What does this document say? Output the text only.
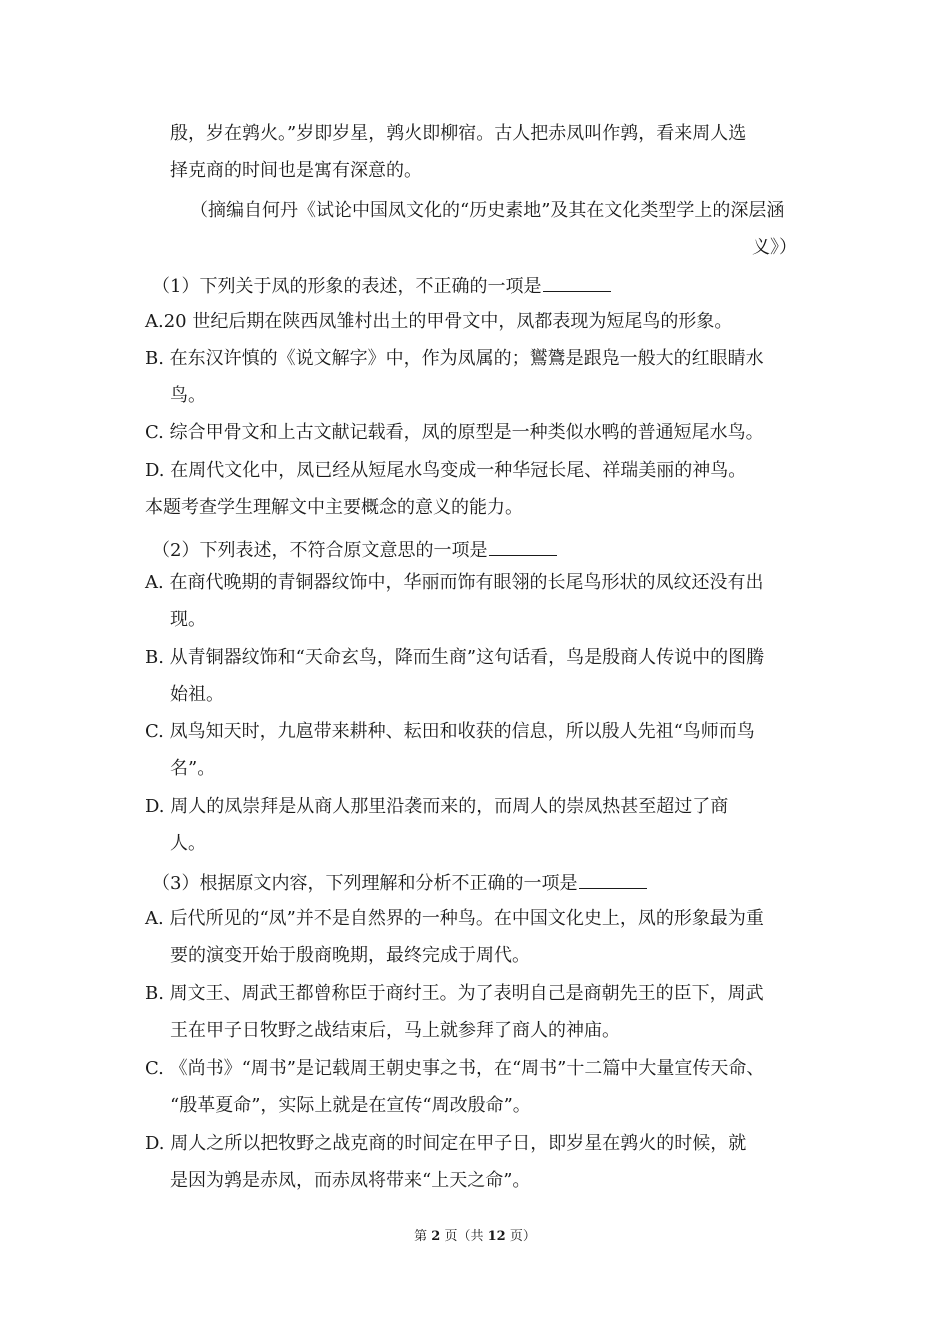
殷，岁在鹑火。”岁即岁星，鹑火即柳宿。古人把赤凤叫作鹑，看来周人选
择克商的时间也是寓有深意的。
（摘编自何丹《试论中国凤文化的“历史素地”及其在文化类型学上的深层涵
义》）
（1）下列关于凤的形象的表述，不正确的一项是
A.20 世纪后期在陕西凤雏村出土的甲骨文中，凤都表现为短尾鸟的形象。
B. 在东汉许慎的《说文解字》中，作为凤属的；鸑鷟是跟凫一般大的红眼睛水
鸟。
C. 综合甲骨文和上古文献记载看，凤的原型是一种类似水鸭的普通短尾水鸟。
D. 在周代文化中，凤已经从短尾水鸟变成一种华冠长尾、祥瑞美丽的神鸟。
本题考查学生理解文中主要概念的意义的能力。
（2）下列表述，不符合原文意思的一项是
A. 在商代晚期的青铜器纹饰中，华丽而饰有眼翎的长尾鸟形状的凤纹还没有出
现。
B. 从青铜器纹饰和“天命玄鸟，降而生商”这句话看，鸟是殷商人传说中的图腾
始祖。
C. 凤鸟知天时，九扈带来耕种、耘田和收获的信息，所以殷人先祖“鸟师而鸟
名”。
D. 周人的凤崇拜是从商人那里沿袭而来的，而周人的崇凤热甚至超过了商
人。
（3）根据原文内容，下列理解和分析不正确的一项是
A. 后代所见的“凤”并不是自然界的一种鸟。在中国文化史上，凤的形象最为重
要的演变开始于殷商晚期，最终完成于周代。
B. 周文王、周武王都曾称臣于商纣王。为了表明自己是商朝先王的臣下，周武
王在甲子日牧野之战结束后，马上就参拜了商人的神庙。
C. 《尚书》“周书”是记载周王朝史事之书，在“周书”十二篇中大量宣传天命、
“殷革夏命”，实际上就是在宣传“周改殷命”。
D. 周人之所以把牧野之战克商的时间定在甲子日，即岁星在鹑火的时候，就
是因为鹑是赤凤，而赤凤将带来“上天之命”。
第 2 页（共 12 页）
